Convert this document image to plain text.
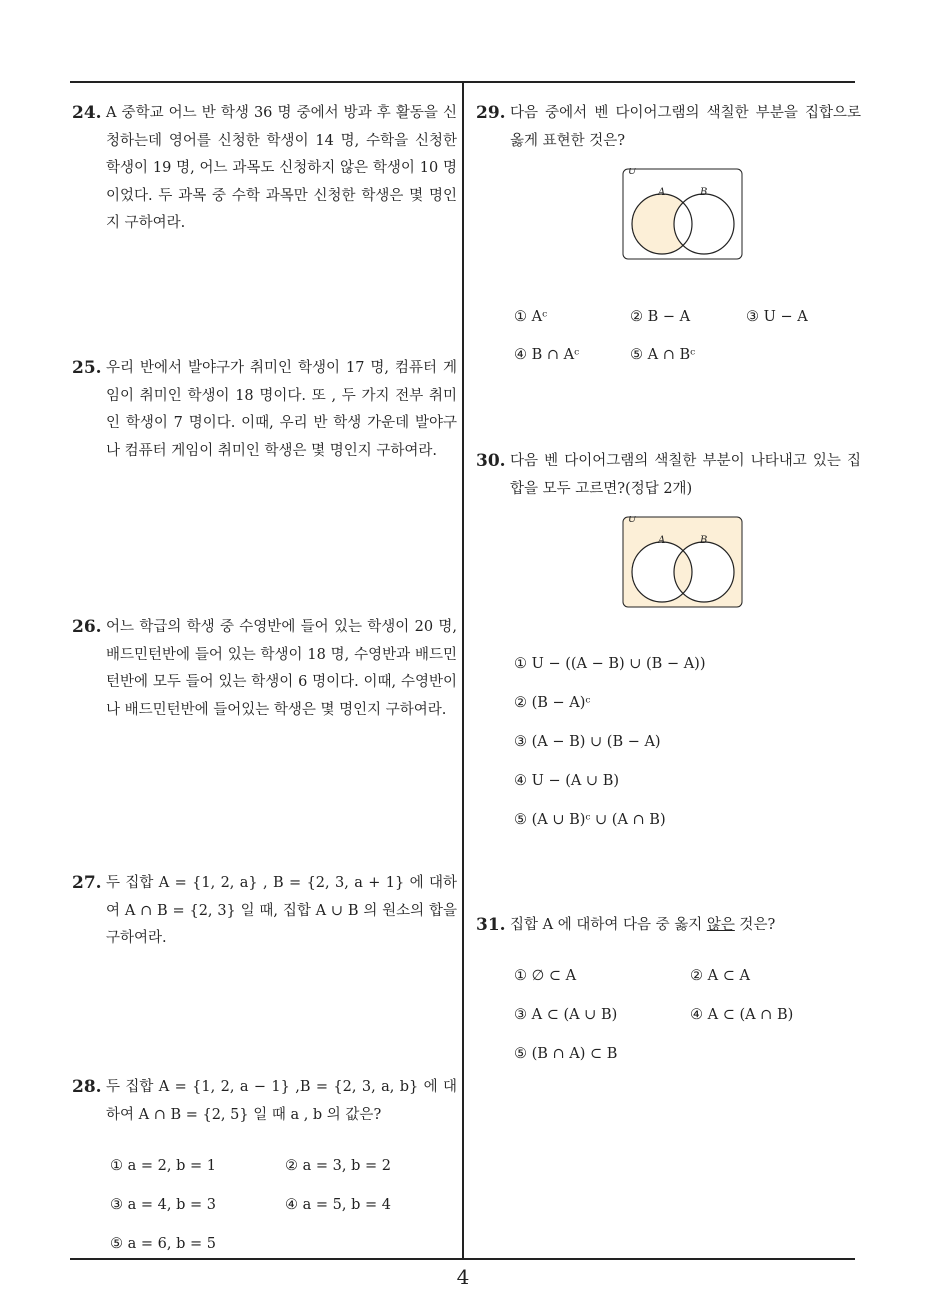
24. A 중학교 어느 반 학생 36 명 중에서 방과 후 활동을 신청하는데 영어를 신청한 학생이 14 명, 수학을 신청한 학생이 19 명, 어느 과목도 신청하지 않은 학생이 10 명이었다. 두 과목 중 수학 과목만 신청한 학생은 몇 명인지 구하여라.
25. 우리 반에서 발야구가 취미인 학생이 17 명, 컴퓨터 게임이 취미인 학생이 18 명이다. 또 , 두 가지 전부 취미인 학생이 7 명이다. 이때, 우리 반 학생 가운데 발야구나 컴퓨터 게임이 취미인 학생은 몇 명인지 구하여라.
26. 어느 학급의 학생 중 수영반에 들어 있는 학생이 20 명, 배드민턴반에 들어 있는 학생이 18 명, 수영반과 배드민턴반에 모두 들어 있는 학생이 6 명이다. 이때, 수영반이나 배드민턴반에 들어있는 학생은 몇 명인지 구하여라.
27. 두 집합 A = {1, 2, a} , B = {2, 3, a + 1} 에 대하여 A ∩ B = {2, 3} 일 때, 집합 A ∪ B 의 원소의 합을 구하여라.
28. 두 집합 A = {1, 2, a − 1} ,B = {2, 3, a, b} 에 대하여 A ∩ B = {2, 5} 일 때 a , b 의 값은?
① a = 2, b = 1	② a = 3, b = 2
③ a = 4, b = 3	④ a = 5, b = 4
⑤ a = 6, b = 5
29. 다음 중에서 벤 다이어그램의 색칠한 부분을 집합으로 옳게 표현한 것은?
U
A	B
① Aᶜ	② B − A	③ U − A
④ B ∩ Aᶜ	⑤ A ∩ Bᶜ
30. 다음 벤 다이어그램의 색칠한 부분이 나타내고 있는 집합을 모두 고르면?(정답 2개)
U
A	B
① U − ((A − B) ∪ (B − A))
② (B − A)ᶜ
③ (A − B) ∪ (B − A)
④ U − (A ∪ B)
⑤ (A ∪ B)ᶜ ∪ (A ∩ B)
31. 집합 A 에 대하여 다음 중 옳지 않은 것은?
① ∅ ⊂ A	② A ⊂ A
③ A ⊂ (A ∪ B)	④ A ⊂ (A ∩ B)
⑤ (B ∩ A) ⊂ B
4
